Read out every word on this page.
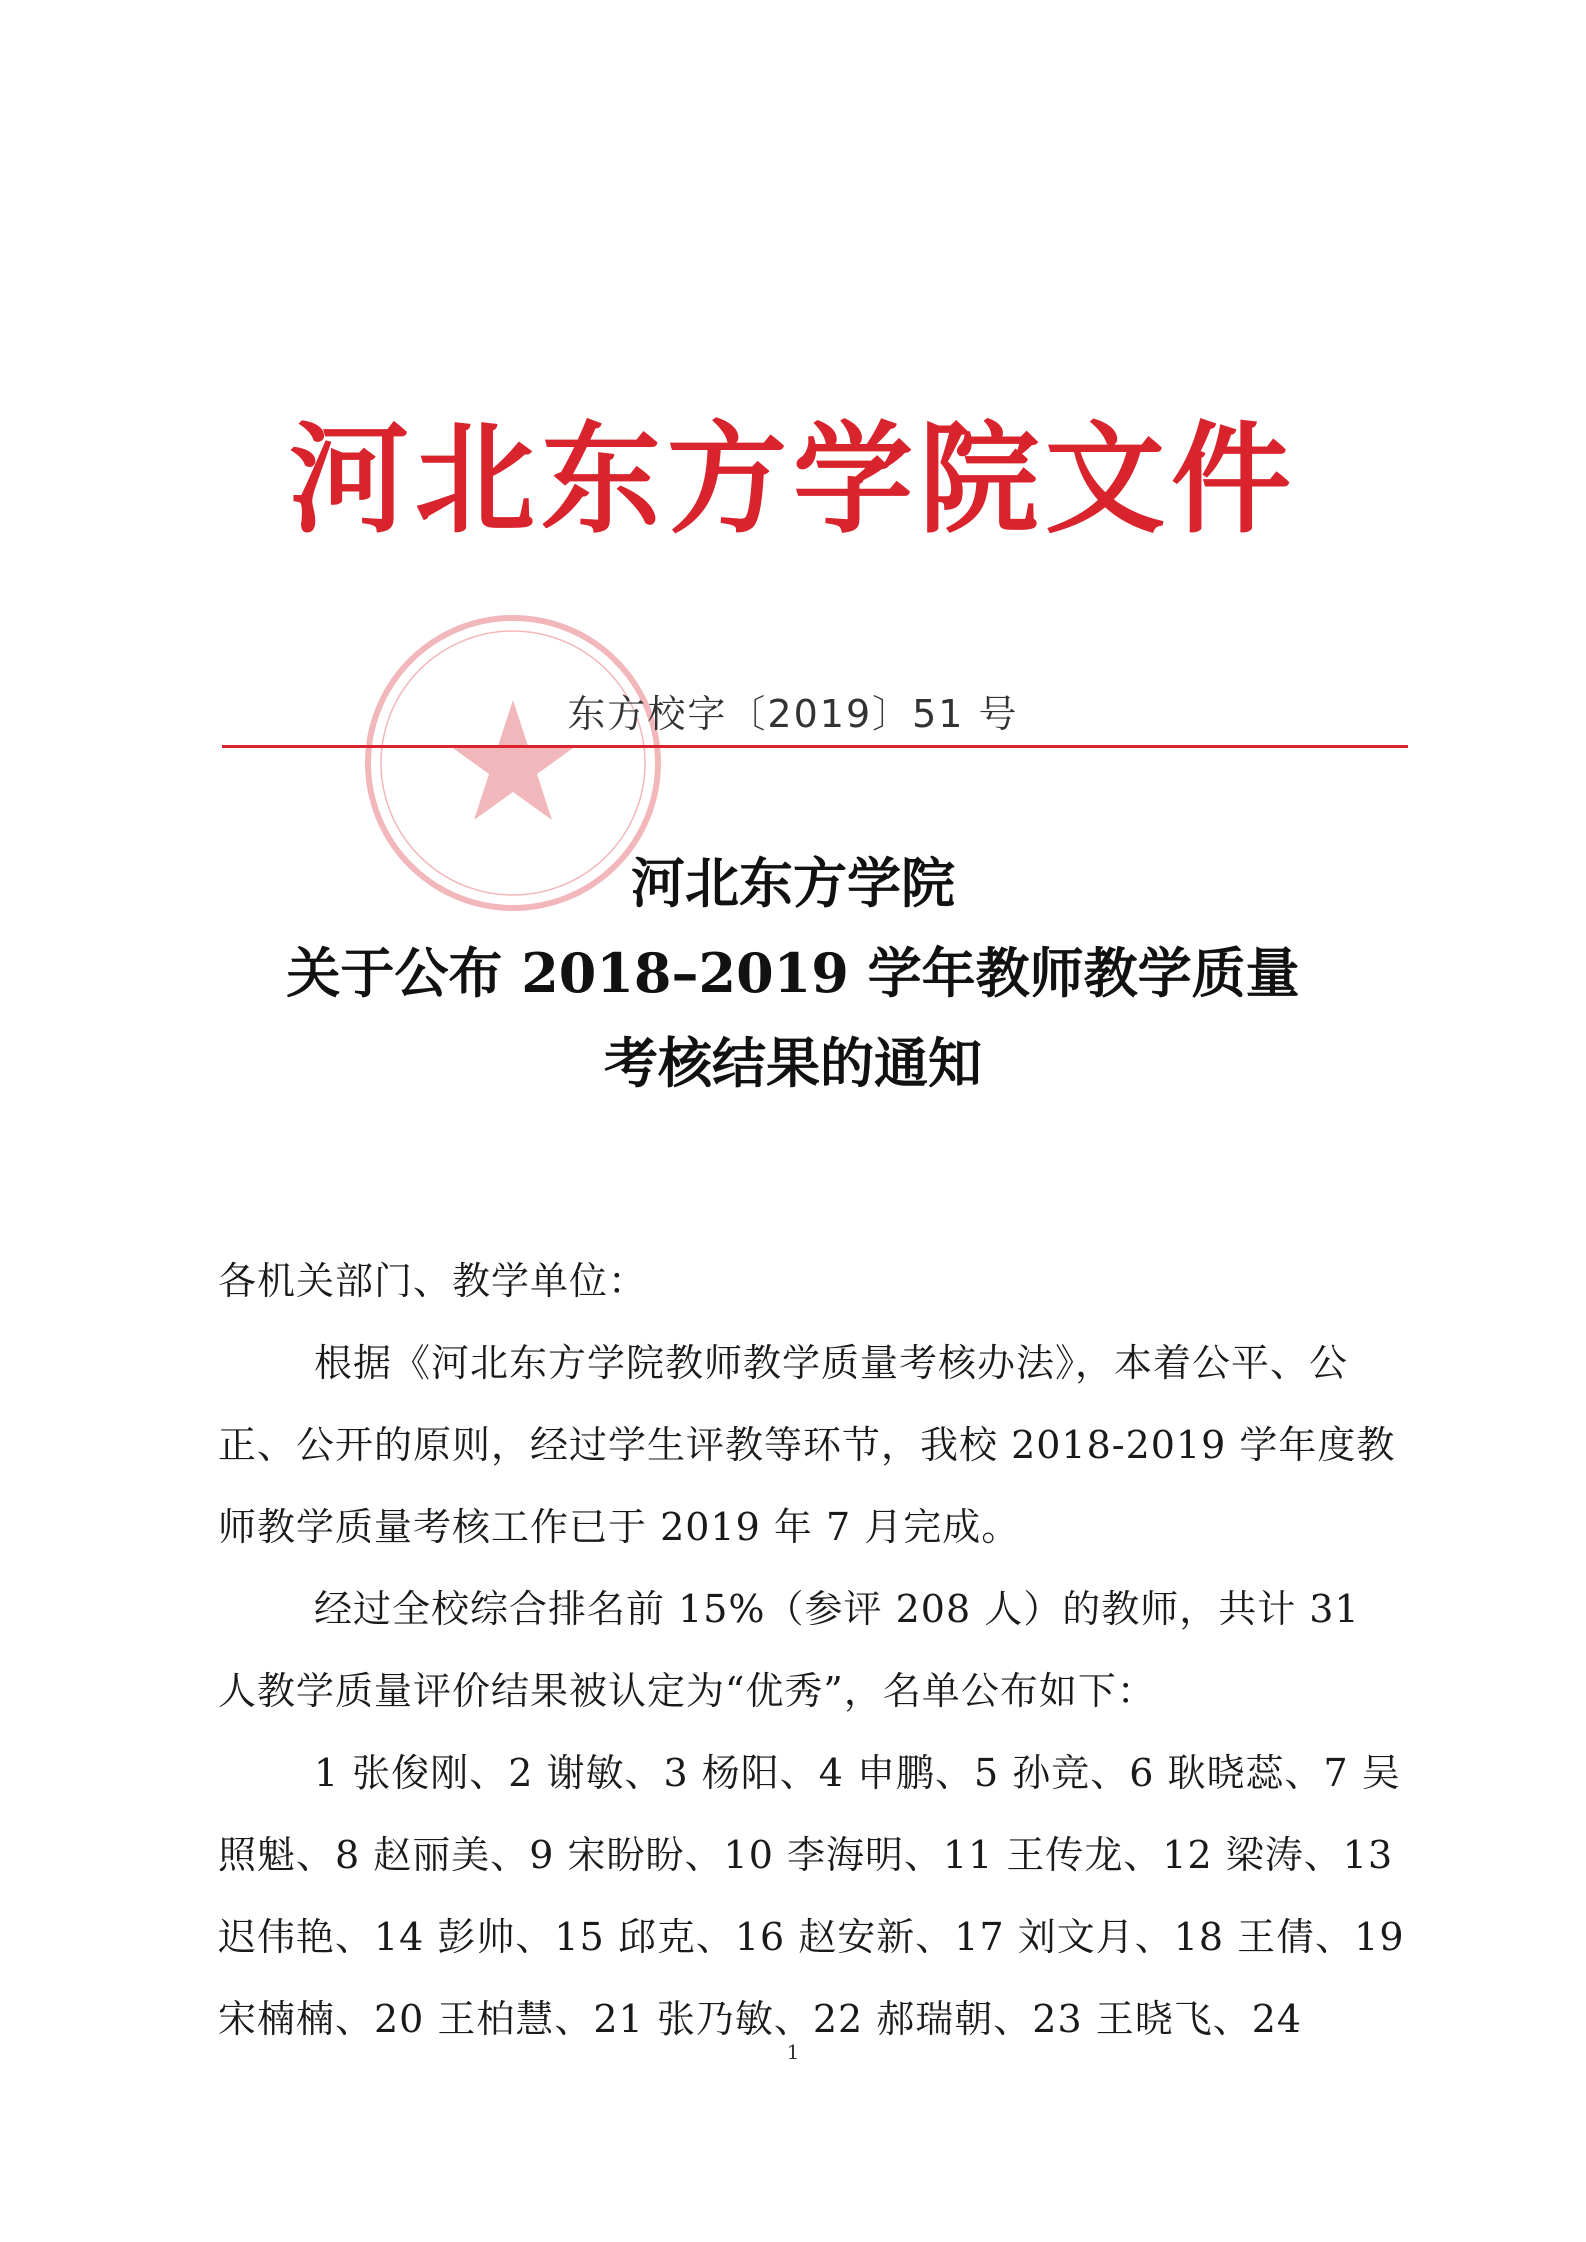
河北东方学院文件
东方校字〔2019〕51 号
河北东方学院
关于公布 2018–2019 学年教师教学质量
考核结果的通知

各机关部门、教学单位：

根据《河北东方学院教师教学质量考核办法》，本着公平、公正、公开的原则，经过学生评教等环节，我校 2018-2019 学年度教师教学质量考核工作已于 2019 年 7 月完成。

经过全校综合排名前 15%（参评 208 人）的教师，共计 31 人教学质量评价结果被认定为“优秀”，名单公布如下：

1 张俊刚、2 谢敏、3 杨阳、4 申鹏、5 孙竞、6 耿晓蕊、7 吴照魁、8 赵丽美、9 宋盼盼、10 李海明、11 王传龙、12 梁涛、13 迟伟艳、14 彭帅、15 邱克、16 赵安新、17 刘文月、18 王倩、19 宋楠楠、20 王柏慧、21 张乃敏、22 郝瑞朝、23 王晓飞、24

1
